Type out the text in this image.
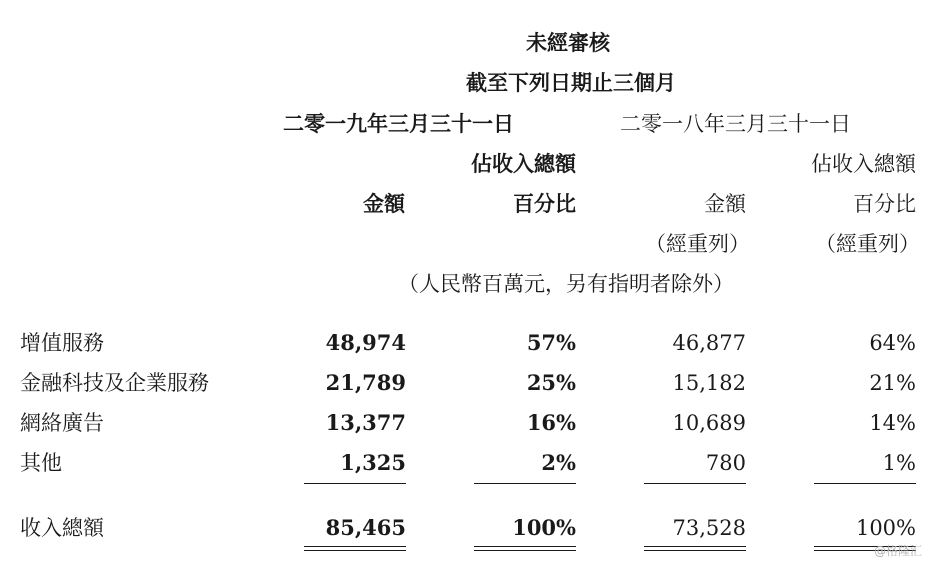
未經審核
截至下列日期止三個月
二零一九年三月三十一日	二零一八年三月三十一日
佔收入總額	佔收入總額
金額	百分比	金額	百分比
（經重列）	（經重列）
（人民幣百萬元，另有指明者除外）
增值服務	48,974	57%	46,877	64%
金融科技及企業服務	21,789	25%	15,182	21%
網絡廣告	13,377	16%	10,689	14%
其他	1,325	2%	780	1%
收入總額	85,465	100%	73,528	100%
@格隆汇
